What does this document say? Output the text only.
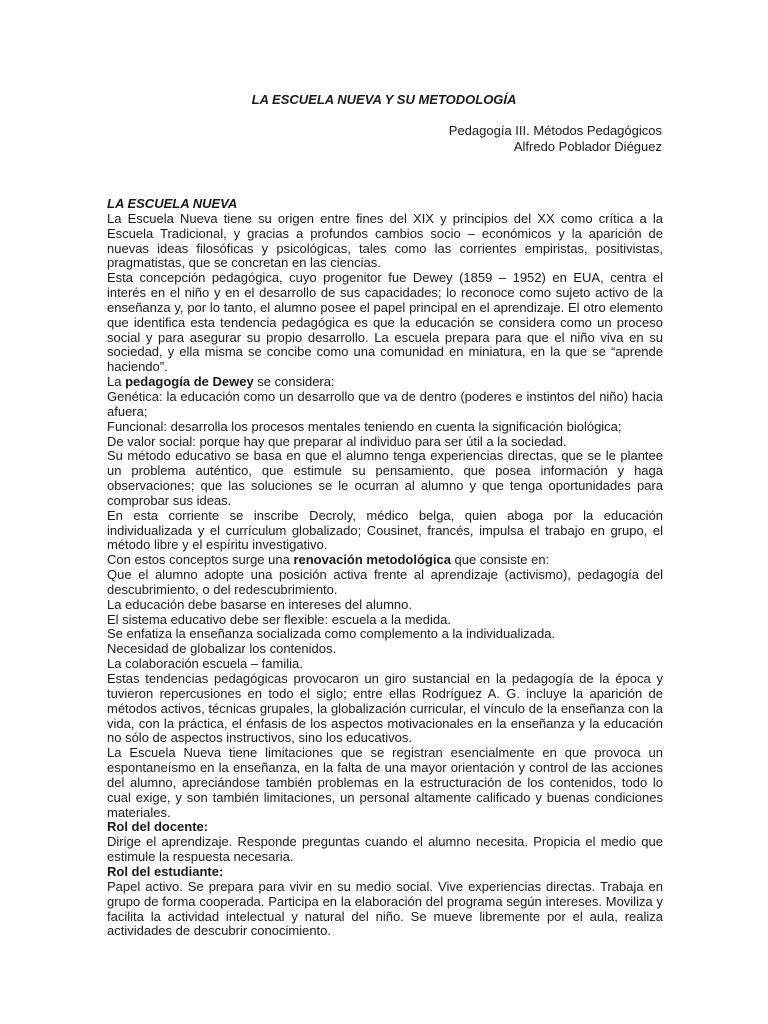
LA ESCUELA NUEVA Y SU METODOLOGÍA
Pedagogía III. Métodos Pedagógicos
Alfredo Poblador Diéguez

LA ESCUELA NUEVA

La Escuela Nueva tiene su origen entre fines del XIX y principios del XX como crítica a la Escuela Tradicional, y gracias a profundos cambios socio – económicos y la aparición de nuevas ideas filosóficas y psicológicas, tales como las corrientes empiristas, positivistas, pragmatistas, que se concretan en las ciencias.

Esta concepción pedagógica, cuyo progenitor fue Dewey (1859 – 1952) en EUA, centra el interés en el niño y en el desarrollo de sus capacidades; lo reconoce como sujeto activo de la enseñanza y, por lo tanto, el alumno posee el papel principal en el aprendizaje. El otro elemento que identifica esta tendencia pedagógica es que la educación se considera como un proceso social y para asegurar su propio desarrollo. La escuela prepara para que el niño viva en su sociedad, y ella misma se concibe como una comunidad en miniatura, en la que se “aprende haciendo”.

La pedagogía de Dewey se considera:

Genética: la educación como un desarrollo que va de dentro (poderes e instintos del niño) hacia afuera;

Funcional: desarrolla los procesos mentales teniendo en cuenta la significación biológica;

De valor social: porque hay que preparar al individuo para ser útil a la sociedad.

Su método educativo se basa en que el alumno tenga experiencias directas, que se le plantee un problema auténtico, que estimule su pensamiento, que posea información y haga observaciones; que las soluciones se le ocurran al alumno y que tenga oportunidades para comprobar sus ideas.

En esta corriente se inscribe Decroly, médico belga, quien aboga por la educación individualizada y el currículum globalizado; Cousinet, francés, impulsa el trabajo en grupo, el método libre y el espíritu investigativo.

Con estos conceptos surge una renovación metodológica que consiste en:

Que el alumno adopte una posición activa frente al aprendizaje (activismo), pedagogía del descubrimiento, o del redescubrimiento.

La educación debe basarse en intereses del alumno.

El sistema educativo debe ser flexible: escuela a la medida.

Se enfatiza la enseñanza socializada como complemento a la individualizada.

Necesidad de globalizar los contenidos.

La colaboración escuela – familia.

Estas tendencias pedagógicas provocaron un giro sustancial en la pedagogía de la época y tuvieron repercusiones en todo el siglo; entre ellas Rodríguez A. G. incluye la aparición de métodos activos, técnicas grupales, la globalización curricular, el vínculo de la enseñanza con la vida, con la práctica, el énfasis de los aspectos motivacionales en la enseñanza y la educación no sólo de aspectos instructivos, sino los educativos.

La Escuela Nueva tiene limitaciones que se registran esencialmente en que provoca un espontaneísmo en la enseñanza, en la falta de una mayor orientación y control de las acciones del alumno, apreciándose también problemas en la estructuración de los contenidos, todo lo cual exige, y son también limitaciones, un personal altamente calificado y buenas condiciones materiales.

Rol del docente:

Dirige el aprendizaje. Responde preguntas cuando el alumno necesita. Propicia el medio que estimule la respuesta necesaria.

Rol del estudiante:

Papel activo. Se prepara para vivir en su medio social. Vive experiencias directas. Trabaja en grupo de forma cooperada. Participa en la elaboración del programa según intereses. Moviliza y facilita la actividad intelectual y natural del niño. Se mueve libremente por el aula, realiza actividades de descubrir conocimiento.
